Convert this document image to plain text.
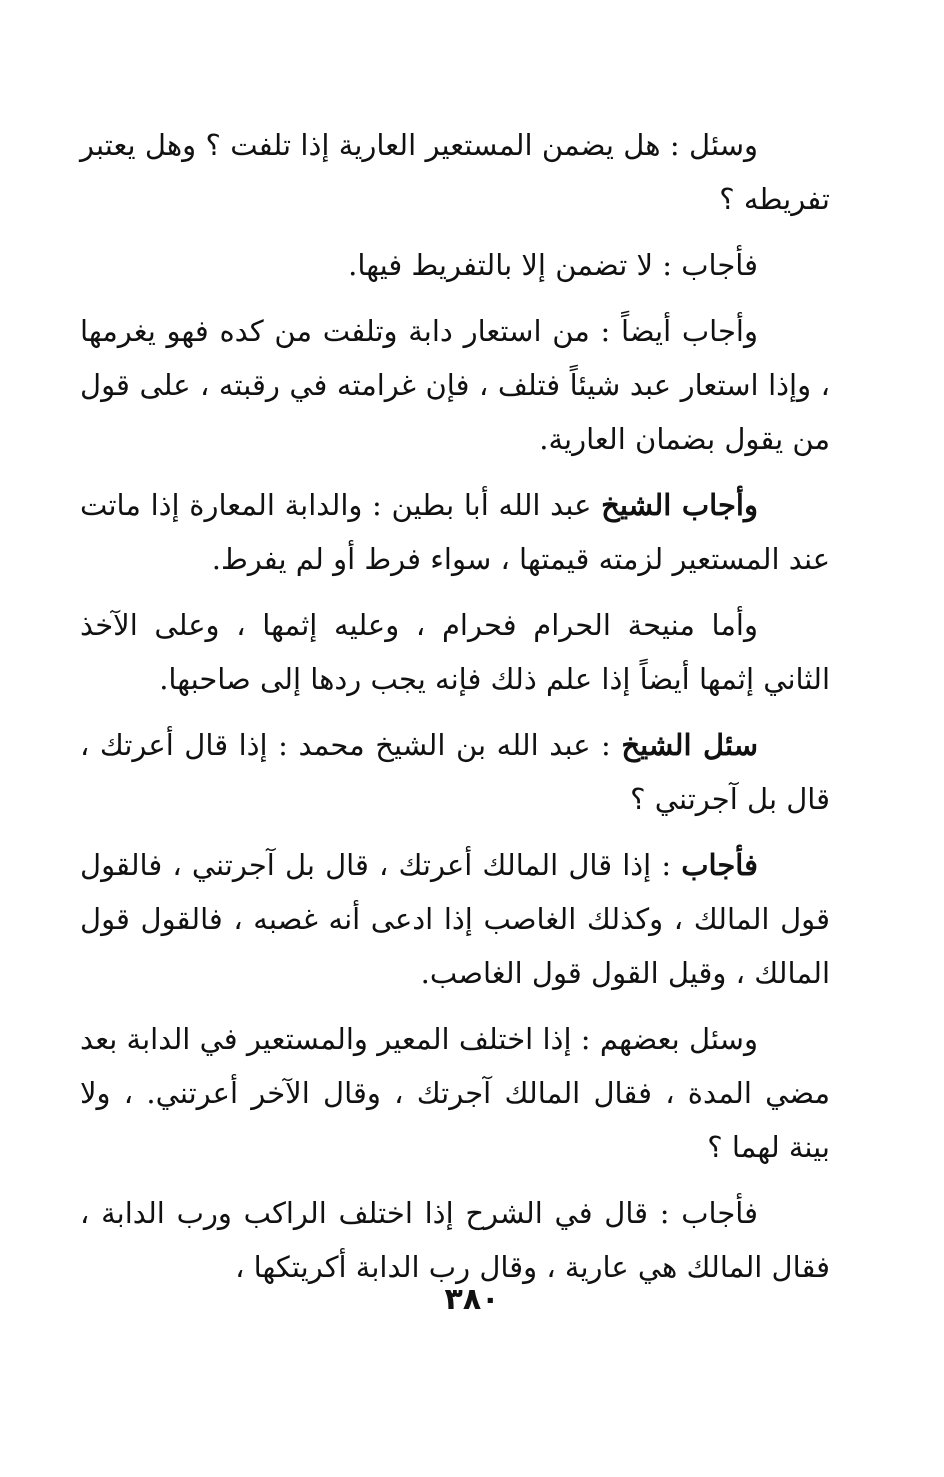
وسئل : هل يضمن المستعير العارية إذا تلفت ؟ وهل يعتبر تفريطه ؟

فأجاب : لا تضمن إلا بالتفريط فيها.

وأجاب أيضاً : من استعار دابة وتلفت من كده فهو يغرمها ، وإذا استعار عبد شيئاً فتلف ، فإن غرامته في رقبته ، على قول من يقول بضمان العارية.

وأجاب الشيخ عبد الله أبا بطين : والدابة المعارة إذا ماتت عند المستعير لزمته قيمتها ، سواء فرط أو لم يفرط.

وأما منيحة الحرام فحرام ، وعليه إثمها ، وعلى الآخذ الثاني إثمها أيضاً إذا علم ذلك فإنه يجب ردها إلى صاحبها.

سئل الشيخ : عبد الله بن الشيخ محمد : إذا قال أعرتك ، قال بل آجرتني ؟

فأجاب : إذا قال المالك أعرتك ، قال بل آجرتني ، فالقول قول المالك ، وكذلك الغاصب إذا ادعى أنه غصبه ، فالقول قول المالك ، وقيل القول قول الغاصب.

وسئل بعضهم : إذا اختلف المعير والمستعير في الدابة بعد مضي المدة ، فقال المالك آجرتك ، وقال الآخر أعرتني. ، ولا بينة لهما ؟

فأجاب : قال في الشرح إذا اختلف الراكب ورب الدابة ، فقال المالك هي عارية ، وقال رب الدابة أكريتكها ،

٣٨٠
